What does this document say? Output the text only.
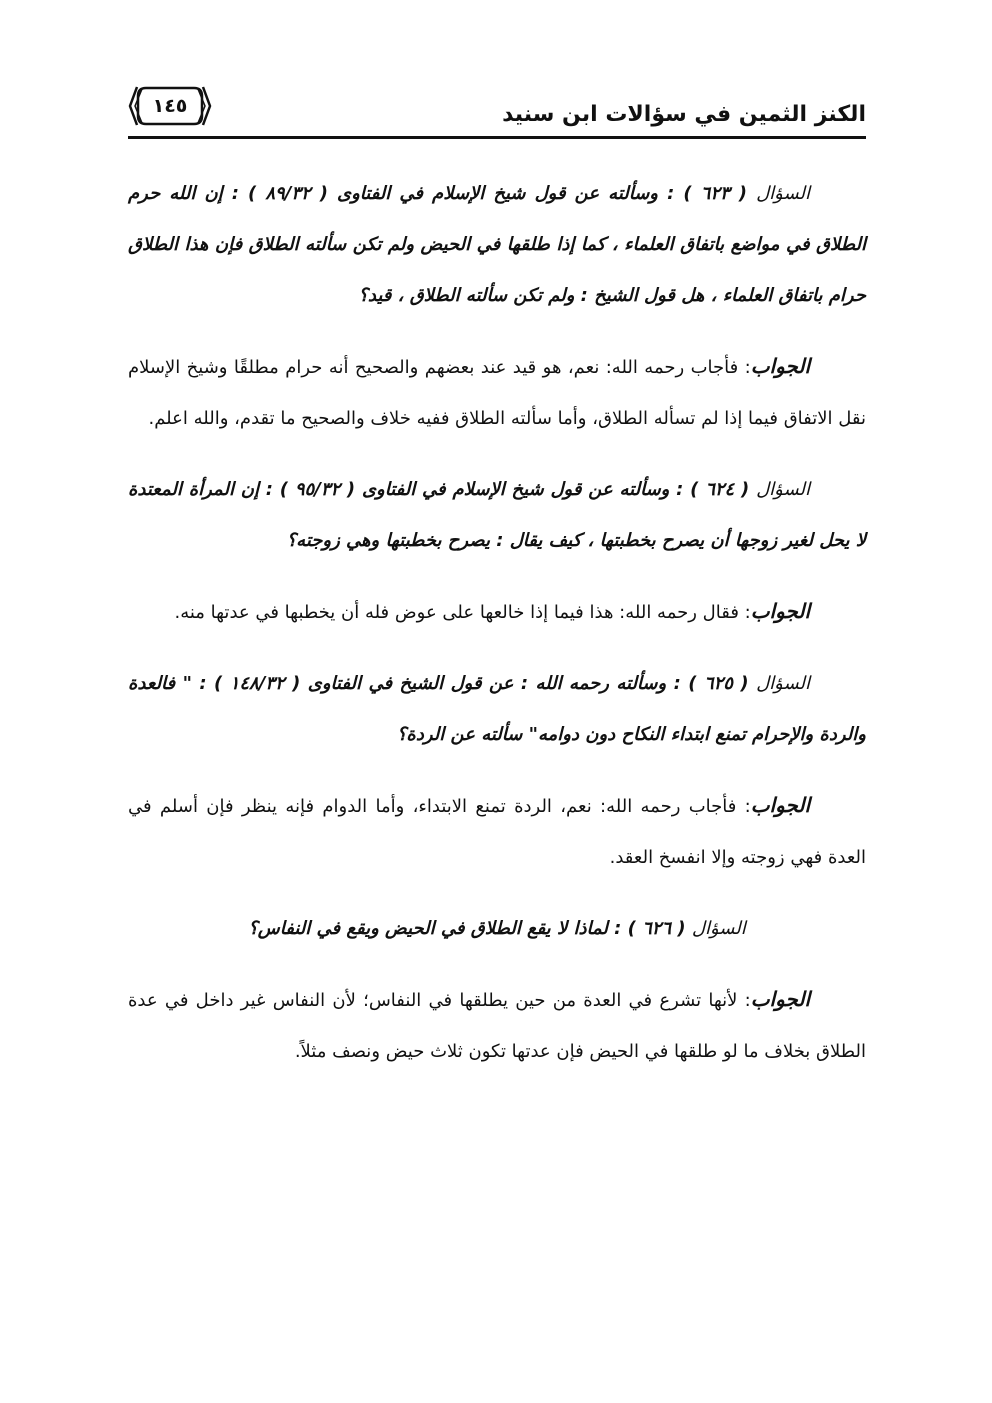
الكنز الثمين في سؤالات ابن سنيد
١٤٥

السؤال ( ٦٢٣ ) : وسألته عن قول شيخ الإسلام في الفتاوى ( ٨٩/٣٢ ) : إن الله حرم الطلاق في مواضع باتفاق العلماء ، كما إذا طلقها في الحيض ولم تكن سألته الطلاق فإن هذا الطلاق حرام باتفاق العلماء ، هل قول الشيخ : ولم تكن سألته الطلاق ، قيد؟

الجواب: فأجاب رحمه الله: نعم، هو قيد عند بعضهم والصحيح أنه حرام مطلقًا وشيخ الإسلام نقل الاتفاق فيما إذا لم تسأله الطلاق، وأما سألته الطلاق ففيه خلاف والصحيح ما تقدم، والله اعلم.

السؤال ( ٦٢٤ ) : وسألته عن قول شيخ الإسلام في الفتاوى ( ٩٥/٣٢ ) : إن المرأة المعتدة لا يحل لغير زوجها أن يصرح بخطبتها ، كيف يقال : يصرح بخطبتها وهي زوجته؟

الجواب: فقال رحمه الله: هذا فيما إذا خالعها على عوض فله أن يخطبها في عدتها منه.

السؤال ( ٦٢٥ ) : وسألته رحمه الله : عن قول الشيخ في الفتاوى ( ١٤٨/٣٢ ) : " فالعدة والردة والإحرام تمنع ابتداء النكاح دون دوامه" سألته عن الردة؟

الجواب: فأجاب رحمه الله: نعم، الردة تمنع الابتداء، وأما الدوام فإنه ينظر فإن أسلم في العدة فهي زوجته وإلا انفسخ العقد.

السؤال ( ٦٢٦ ) : لماذا لا يقع الطلاق في الحيض ويقع في النفاس؟

الجواب: لأنها تشرع في العدة من حين يطلقها في النفاس؛ لأن النفاس غير داخل في عدة الطلاق بخلاف ما لو طلقها في الحيض فإن عدتها تكون ثلاث حيض ونصف مثلاً.
